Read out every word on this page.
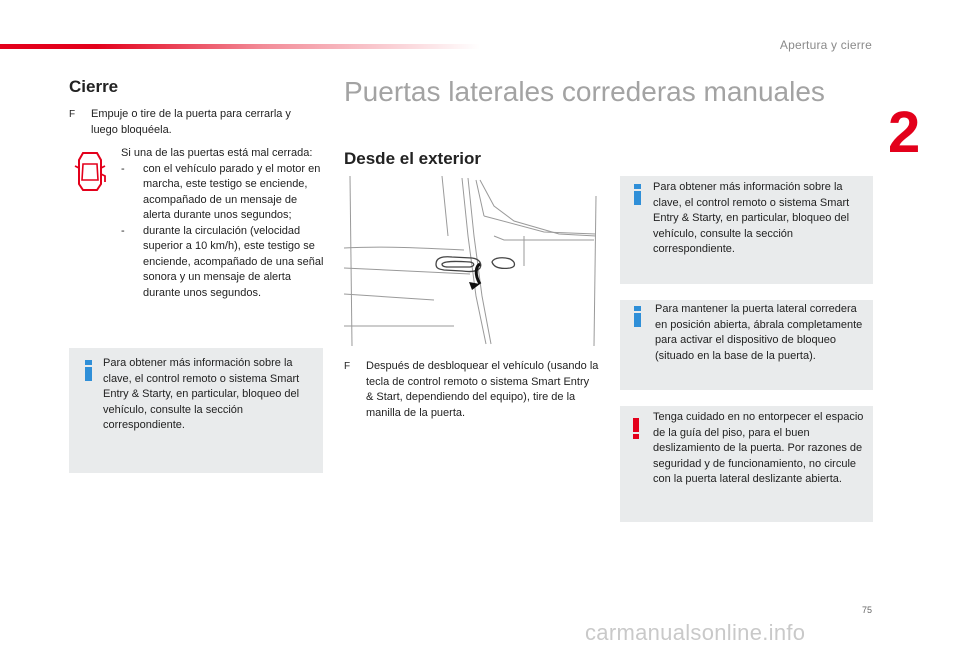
Apertura y cierre
2
Cierre
F	Empuje o tire de la puerta para cerrarla y luego bloquéela.
Si una de las puertas está mal cerrada:
-	con el vehículo parado y el motor en marcha, este testigo se enciende, acompañado de un mensaje de alerta durante unos segundos;
-	durante la circulación (velocidad superior a 10 km/h), este testigo se enciende, acompañado de una señal sonora y un mensaje de alerta durante unos segundos.
Para obtener más información sobre la clave, el control remoto o sistema Smart Entry & Starty, en particular, bloqueo del vehículo, consulte la sección correspondiente.
Puertas laterales correderas manuales
Desde el exterior
F	Después de desbloquear el vehículo (usando la tecla de control remoto o sistema Smart Entry & Start, dependiendo del equipo), tire de la manilla de la puerta.
Para obtener más información sobre la clave, el control remoto o sistema Smart Entry & Starty, en particular, bloqueo del vehículo, consulte la sección correspondiente.
Para mantener la puerta lateral corredera en posición abierta, ábrala completamente para activar el dispositivo de bloqueo (situado en la base de la puerta).
Tenga cuidado en no entorpecer el espacio de la guía del piso, para el buen deslizamiento de la puerta. Por razones de seguridad y de funcionamiento, no circule con la puerta lateral deslizante abierta.
75
carmanualsonline.info
